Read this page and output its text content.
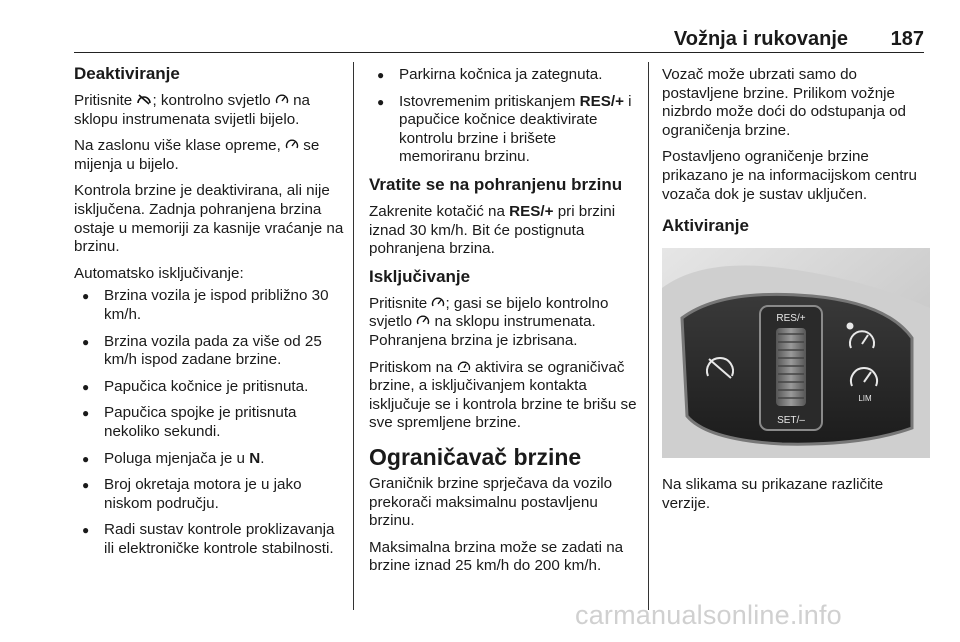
Vožnja i rukovanje 187
Deaktiviranje

Pritisnite ; kontrolno svjetlo  na sklopu instrumenata svijetli bijelo.

Na zaslonu više klase opreme,  se mijenja u bijelo.

Kontrola brzine je deaktivirana, ali nije isključena. Zadnja pohranjena brzina ostaje u memoriji za kasnije vraćanje na brzinu.

Automatsko isključivanje:

● Brzina vozila je ispod približno 30 km/h.
● Brzina vozila pada za više od 25 km/h ispod zadane brzine.
● Papučica kočnice je pritisnuta.
● Papučica spojke je pritisnuta nekoliko sekundi.
● Poluga mjenjača je u N.
● Broj okretaja motora je u jako niskom području.
● Radi sustav kontrole proklizavanja ili elektroničke kontrole stabilnosti.
● Parkirna kočnica ja zategnuta.
● Istovremenim pritiskanjem RES/+ i papučice kočnice deaktivirate kontrolu brzine i brišete memoriranu brzinu.
Vratite se na pohranjenu brzinu

Zakrenite kotačić na RES/+ pri brzini iznad 30 km/h. Bit će postignuta pohranjena brzina.

Isključivanje

Pritisnite ; gasi se bijelo kontrolno svjetlo  na sklopu instrumenata. Pohranjena brzina je izbrisana.

Pritiskom na  aktivira se ograničivač brzine, a isključivanjem kontakta isključuje se i kontrola brzine te brišu se sve spremljene brzine.

Ograničavač brzine

Graničnik brzine sprječava da vozilo prekorači maksimalnu postavljenu brzinu.

Maksimalna brzina može se zadati na brzine iznad 25 km/h do 200 km/h.

Vozač može ubrzati samo do postavljene brzine. Prilikom vožnje nizbrdo može doći do odstupanja od ograničenja brzine.

Postavljeno ograničenje brzine prikazano je na informacijskom centru vozača dok je sustav uključen.

Aktiviranje
RES/+
SET/–
LIM

Na slikama su prikazane različite verzije.

carmanualsonline.info
